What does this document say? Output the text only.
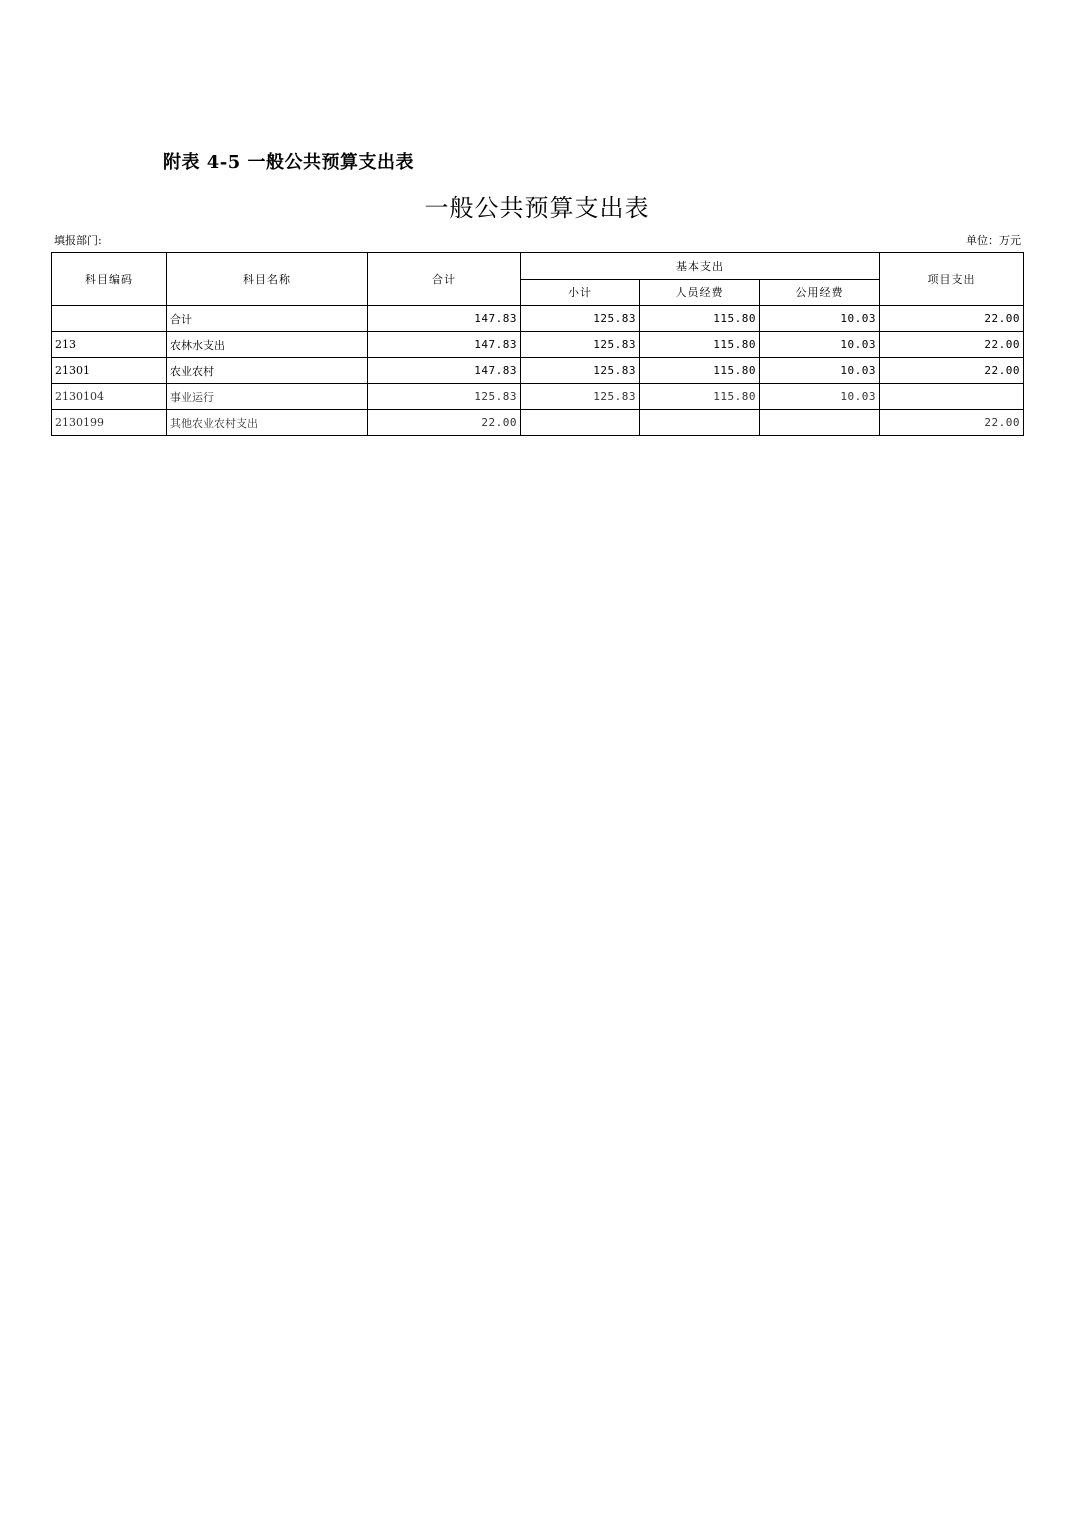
附表 4-5 一般公共预算支出表
一般公共预算支出表
填报部门:	单位：万元
科目编码	科目名称	合计	基本支出			项目支出
			小计	人员经费	公用经费	
	合计	147.83	125.83	115.80	10.03	22.00
213	农林水支出	147.83	125.83	115.80	10.03	22.00
21301	农业农村	147.83	125.83	115.80	10.03	22.00
2130104	事业运行	125.83	125.83	115.80	10.03	
2130199	其他农业农村支出	22.00				22.00
